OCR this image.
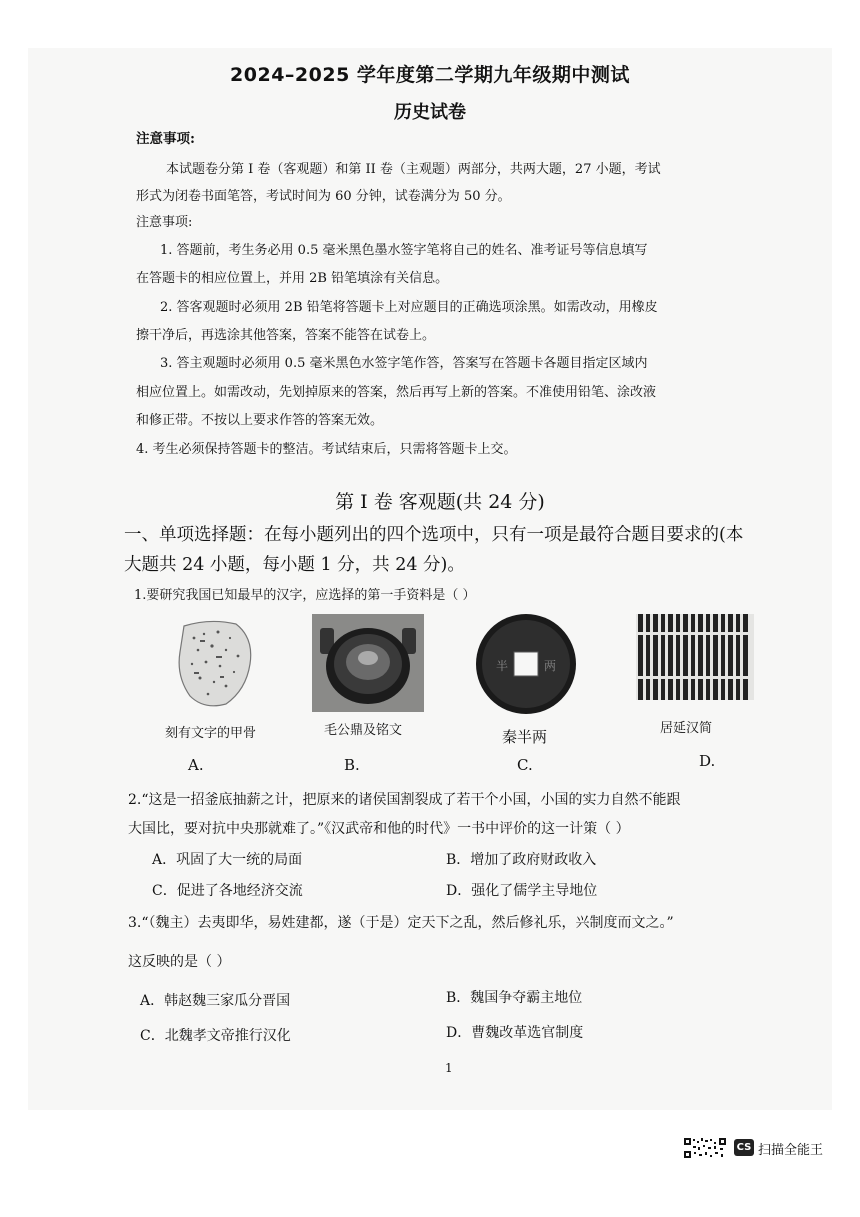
2024–2025 学年度第二学期九年级期中测试
历史试卷
注意事项:
本试题卷分第 I 卷（客观题）和第 II 卷（主观题）两部分，共两大题，27 小题，考试
形式为闭卷书面笔答，考试时间为 60 分钟，试卷满分为 50 分。
注意事项:
1. 答题前，考生务必用 0.5 毫米黑色墨水签字笔将自己的姓名、准考证号等信息填写
在答题卡的相应位置上，并用 2B 铅笔填涂有关信息。
2. 答客观题时必须用 2B 铅笔将答题卡上对应题目的正确选项涂黑。如需改动，用橡皮
擦干净后，再选涂其他答案，答案不能答在试卷上。
3. 答主观题时必须用 0.5 毫米黑色水签字笔作答，答案写在答题卡各题目指定区域内
相应位置上。如需改动，先划掉原来的答案，然后再写上新的答案。不准使用铅笔、涂改液
和修正带。不按以上要求作答的答案无效。
4. 考生必须保持答题卡的整洁。考试结束后，只需将答题卡上交。
第 I 卷 客观题(共 24 分)
一、单项选择题：在每小题列出的四个选项中，只有一项是最符合题目要求的(本
大题共 24 小题，每小题 1 分，共 24 分)。
1.要研究我国已知最早的汉字，应选择的第一手资料是（ ）
半	两
刻有文字的甲骨	毛公鼎及铭文	秦半两	居延汉简
A.	B.	C.	D.
2.“这是一招釜底抽薪之计，把原来的诸侯国割裂成了若干个小国，小国的实力自然不能跟
大国比，要对抗中央那就难了。”《汉武帝和他的时代》一书中评价的这一计策（ ）
A．巩固了大一统的局面	B．增加了政府财政收入
C．促进了各地经济交流	D．强化了儒学主导地位
3.“（魏主）去夷即华，易姓建都，遂（于是）定天下之乱，然后修礼乐，兴制度而文之。”
这反映的是（ ）
A．韩赵魏三家瓜分晋国	B．魏国争夺霸主地位
C．北魏孝文帝推行汉化	D．曹魏改革选官制度
1
CS 扫描全能王
